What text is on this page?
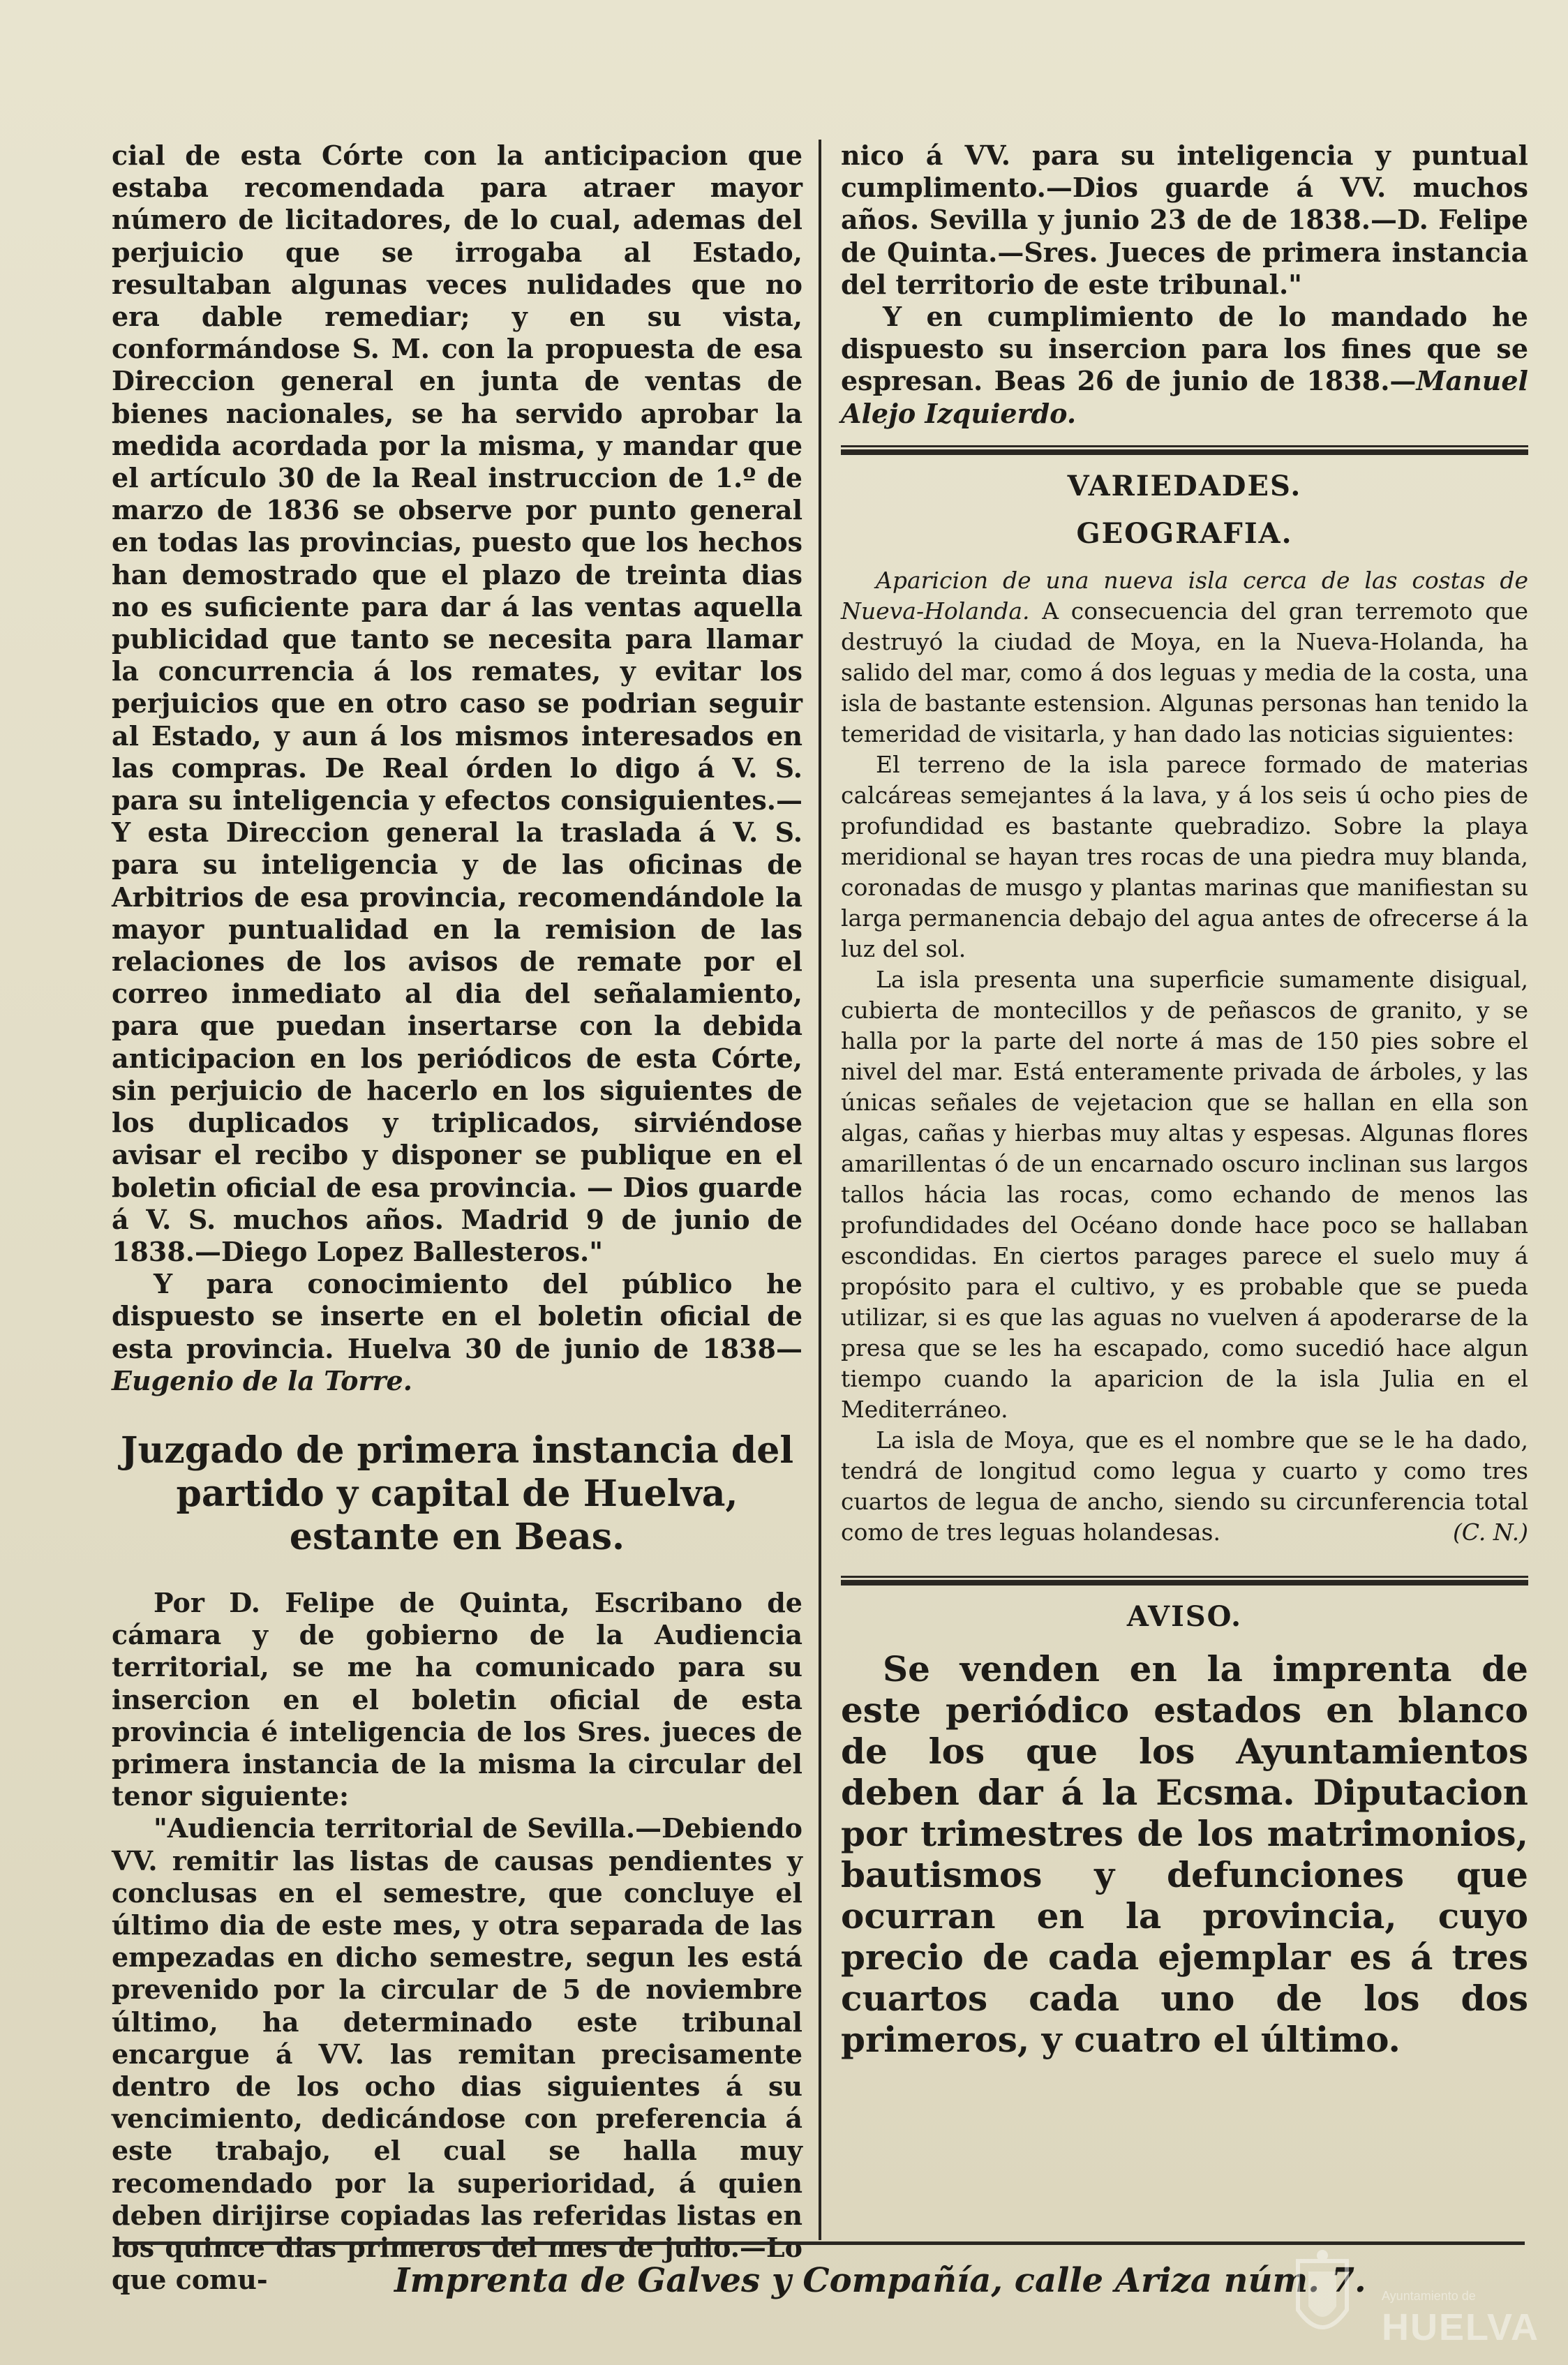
cial de esta Córte con la anticipacion que estaba recomendada para atraer mayor número de licitadores, de lo cual, ademas del perjuicio que se irrogaba al Estado, resultaban algunas veces nulidades que no era dable remediar; y en su vista, conformándose S. M. con la propuesta de esa Direccion general en junta de ventas de bienes nacionales, se ha servido aprobar la medida acordada por la misma, y mandar que el artículo 30 de la Real instruccion de 1.º de marzo de 1836 se observe por punto general en todas las provincias, puesto que los hechos han demostrado que el plazo de treinta dias no es suficiente para dar á las ventas aquella publicidad que tanto se necesita para llamar la concurrencia á los remates, y evitar los perjuicios que en otro caso se podrian seguir al Estado, y aun á los mismos interesados en las compras. De Real órden lo digo á V. S. para su inteligencia y efectos consiguientes.—Y esta Direccion general la traslada á V. S. para su inteligencia y de las oficinas de Arbitrios de esa provincia, recomendándole la mayor puntualidad en la remision de las relaciones de los avisos de remate por el correo inmediato al dia del señalamiento, para que puedan insertarse con la debida anticipacion en los periódicos de esta Córte, sin perjuicio de hacerlo en los siguientes de los duplicados y triplicados, sirviéndose avisar el recibo y disponer se publique en el boletin oficial de esa provincia. — Dios guarde á V. S. muchos años. Madrid 9 de junio de 1838.—Diego Lopez Ballesteros."

Y para conocimiento del público he dispuesto se inserte en el boletin oficial de esta provincia. Huelva 30 de junio de 1838—Eugenio de la Torre.

Juzgado de primera instancia del partido y capital de Huelva, estante en Beas.

Por D. Felipe de Quinta, Escribano de cámara y de gobierno de la Audiencia territorial, se me ha comunicado para su insercion en el boletin oficial de esta provincia é inteligencia de los Sres. jueces de primera instancia de la misma la circular del tenor siguiente:

"Audiencia territorial de Sevilla.—Debiendo VV. remitir las listas de causas pendientes y conclusas en el semestre, que concluye el último dia de este mes, y otra separada de las empezadas en dicho semestre, segun les está prevenido por la circular de 5 de noviembre último, ha determinado este tribunal encargue á VV. las remitan precisamente dentro de los ocho dias siguientes á su vencimiento, dedicándose con preferencia á este trabajo, el cual se halla muy recomendado por la superioridad, á quien deben dirijirse copiadas las referidas listas en los quince dias primeros del mes de julio.—Lo que comu-

nico á VV. para su inteligencia y puntual cumplimento.—Dios guarde á VV. muchos años. Sevilla y junio 23 de de 1838.—D. Felipe de Quinta.—Sres. Jueces de primera instancia del territorio de este tribunal."

Y en cumplimiento de lo mandado he dispuesto su insercion para los fines que se espresan. Beas 26 de junio de 1838.—Manuel Alejo Izquierdo.

VARIEDADES.
GEOGRAFIA.

Aparicion de una nueva isla cerca de las costas de Nueva-Holanda. A consecuencia del gran terremoto que destruyó la ciudad de Moya, en la Nueva-Holanda, ha salido del mar, como á dos leguas y media de la costa, una isla de bastante estension. Algunas personas han tenido la temeridad de visitarla, y han dado las noticias siguientes:

El terreno de la isla parece formado de materias calcáreas semejantes á la lava, y á los seis ú ocho pies de profundidad es bastante quebradizo. Sobre la playa meridional se hayan tres rocas de una piedra muy blanda, coronadas de musgo y plantas marinas que manifiestan su larga permanencia debajo del agua antes de ofrecerse á la luz del sol.

La isla presenta una superficie sumamente disigual, cubierta de montecillos y de peñascos de granito, y se halla por la parte del norte á mas de 150 pies sobre el nivel del mar. Está enteramente privada de árboles, y las únicas señales de vejetacion que se hallan en ella son algas, cañas y hierbas muy altas y espesas. Algunas flores amarillentas ó de un encarnado oscuro inclinan sus largos tallos hácia las rocas, como echando de menos las profundidades del Océano donde hace poco se hallaban escondidas. En ciertos parages parece el suelo muy á propósito para el cultivo, y es probable que se pueda utilizar, si es que las aguas no vuelven á apoderarse de la presa que se les ha escapado, como sucedió hace algun tiempo cuando la aparicion de la isla Julia en el Mediterráneo.

La isla de Moya, que es el nombre que se le ha dado, tendrá de longitud como legua y cuarto y como tres cuartos de legua de ancho, siendo su circunferencia total como de tres leguas holandesas.	(C. N.)

AVISO.

Se venden en la imprenta de este periódico estados en blanco de los que los Ayuntamientos deben dar á la Ecsma. Diputacion por trimestres de los matrimonios, bautismos y defunciones que ocurran en la provincia, cuyo precio de cada ejemplar es á tres cuartos cada uno de los dos primeros, y cuatro el último.

Imprenta de Galves y Compañía, calle Ariza núm. 7.	Ayuntamiento de
HUELVA
